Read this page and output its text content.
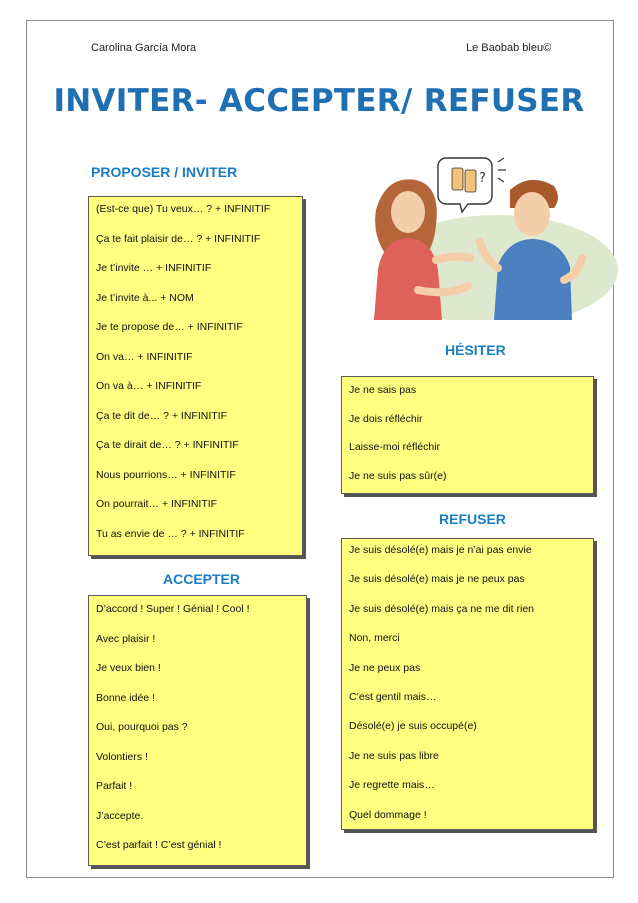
Carolina García Mora	Le Baobab bleu©
INVITER- ACCEPTER/ REFUSER
PROPOSER / INVITER
(Est-ce que) Tu veux… ? + INFINITIF
Ça te fait plaisir de… ? + INFINITIF
Je t’invite … + INFINITIF
Je t’invite à... + NOM
Je te propose de… + INFINITIF
On va… + INFINITIF
On va à… + INFINITIF
Ça te dit de… ? + INFINITIF
Ça te dirait de… ? + INFINITIF
Nous pourrions… + INFINITIF
On pourrait… + INFINITIF
Tu as envie de … ? + INFINITIF
?
HÉSITER
Je ne sais pas
Je dois réfléchir
Laisse-moi réfléchir
Je ne suis pas sûr(e)
REFUSER
Je suis désolé(e) mais je n’ai pas envie
Je suis désolé(e) mais je ne peux pas
Je suis désolé(e) mais ça ne me dit rien
Non, merci
Je ne peux pas
C’est gentil mais…
Désolé(e) je suis occupé(e)
Je ne suis pas libre
Je regrette mais…
Quel dommage !
ACCEPTER
D’accord ! Super ! Génial ! Cool !
Avec plaisir !
Je veux bien !
Bonne idée !
Oui, pourquoi pas ?
Volontiers !
Parfait !
J’accepte.
C’est parfait ! C’est génial !
